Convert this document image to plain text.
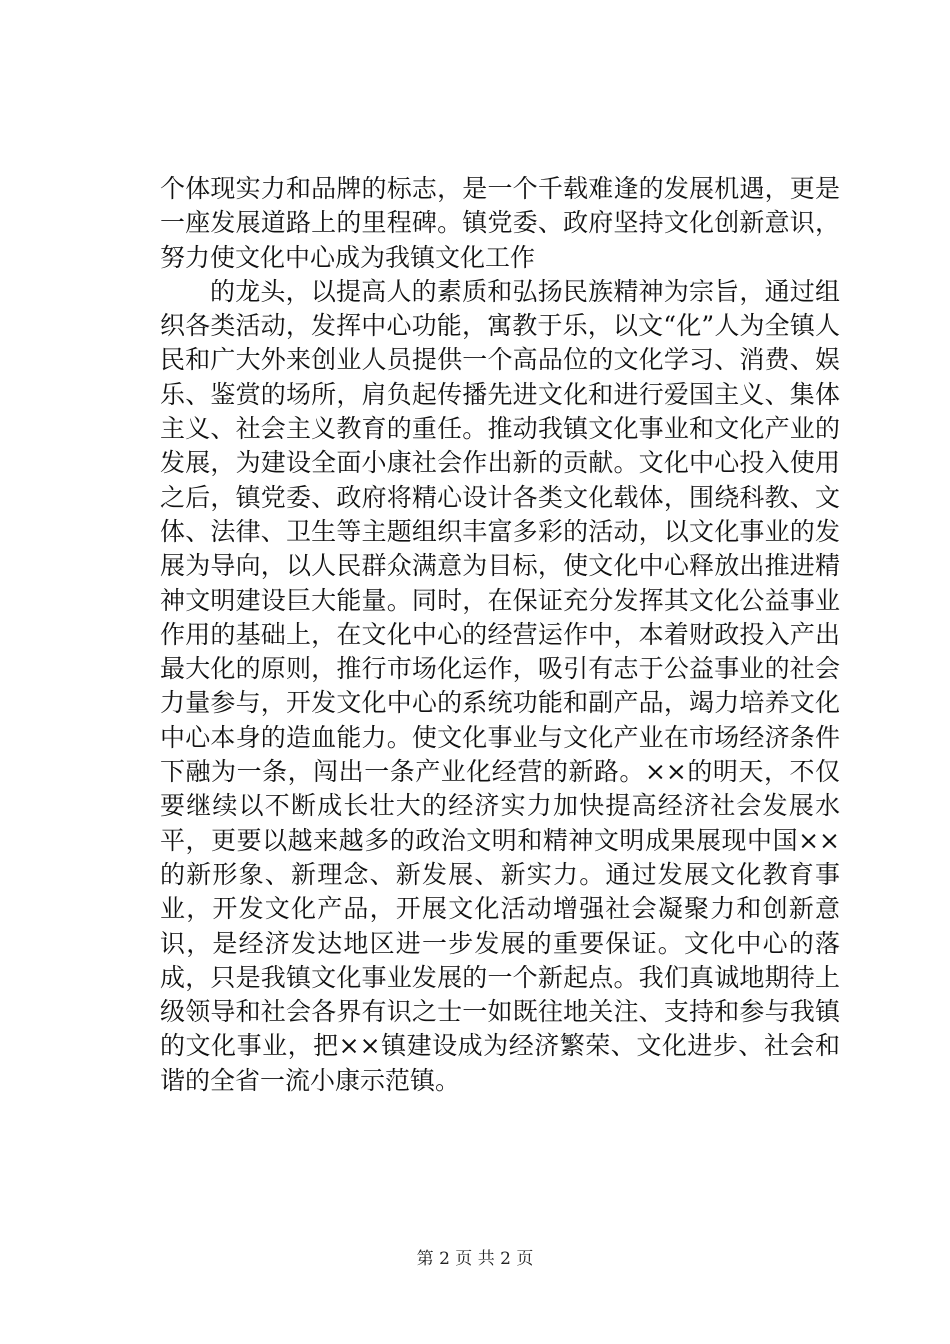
个体现实力和品牌的标志，是一个千载难逢的发展机遇，更是一座发展道路上的里程碑。镇党委、政府坚持文化创新意识，努力使文化中心成为我镇文化工作

的龙头，以提高人的素质和弘扬民族精神为宗旨，通过组织各类活动，发挥中心功能，寓教于乐，以文“化”人为全镇人民和广大外来创业人员提供一个高品位的文化学习、消费、娱乐、鉴赏的场所，肩负起传播先进文化和进行爱国主义、集体主义、社会主义教育的重任。推动我镇文化事业和文化产业的发展，为建设全面小康社会作出新的贡献。文化中心投入使用之后，镇党委、政府将精心设计各类文化载体，围绕科教、文体、法律、卫生等主题组织丰富多彩的活动，以文化事业的发展为导向，以人民群众满意为目标，使文化中心释放出推进精神文明建设巨大能量。同时，在保证充分发挥其文化公益事业作用的基础上，在文化中心的经营运作中，本着财政投入产出最大化的原则，推行市场化运作，吸引有志于公益事业的社会力量参与，开发文化中心的系统功能和副产品，竭力培养文化中心本身的造血能力。使文化事业与文化产业在市场经济条件下融为一条，闯出一条产业化经营的新路。××的明天，不仅要继续以不断成长壮大的经济实力加快提高经济社会发展水平，更要以越来越多的政治文明和精神文明成果展现中国××的新形象、新理念、新发展、新实力。通过发展文化教育事业，开发文化产品，开展文化活动增强社会凝聚力和创新意识，是经济发达地区进一步发展的重要保证。文化中心的落成，只是我镇文化事业发展的一个新起点。我们真诚地期待上级领导和社会各界有识之士一如既往地关注、支持和参与我镇的文化事业，把××镇建设成为经济繁荣、文化进步、社会和谐的全省一流小康示范镇。

第 2 页 共 2 页
